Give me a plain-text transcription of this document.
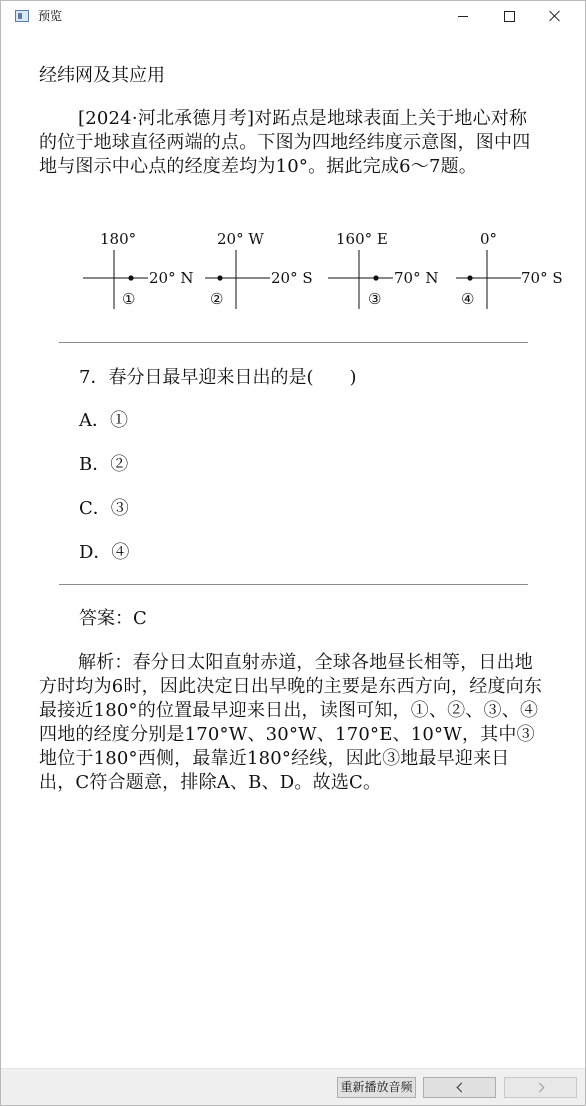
预览
经纬网及其应用
[2024·河北承德月考]对跖点是地球表面上关于地心对称的位于地球直径两端的点。下图为四地经纬度示意图，图中四地与图示中心点的经度差均为10°。据此完成6～7题。
180°
20° N
①
20° W
20° S
②
160° E
70° N
③
0°
70° S
④
7．春分日最早迎来日出的是(　　)
A．①
B．②
C．③
D．④
答案：C
解析：春分日太阳直射赤道，全球各地昼长相等，日出地方时均为6时，因此决定日出早晚的主要是东西方向，经度向东最接近180°的位置最早迎来日出，读图可知，①、②、③、④四地的经度分别是170°W、30°W、170°E、10°W，其中③地位于180°西侧，最靠近180°经线，因此③地最早迎来日出，C符合题意，排除A、B、D。故选C。
重新播放音频
